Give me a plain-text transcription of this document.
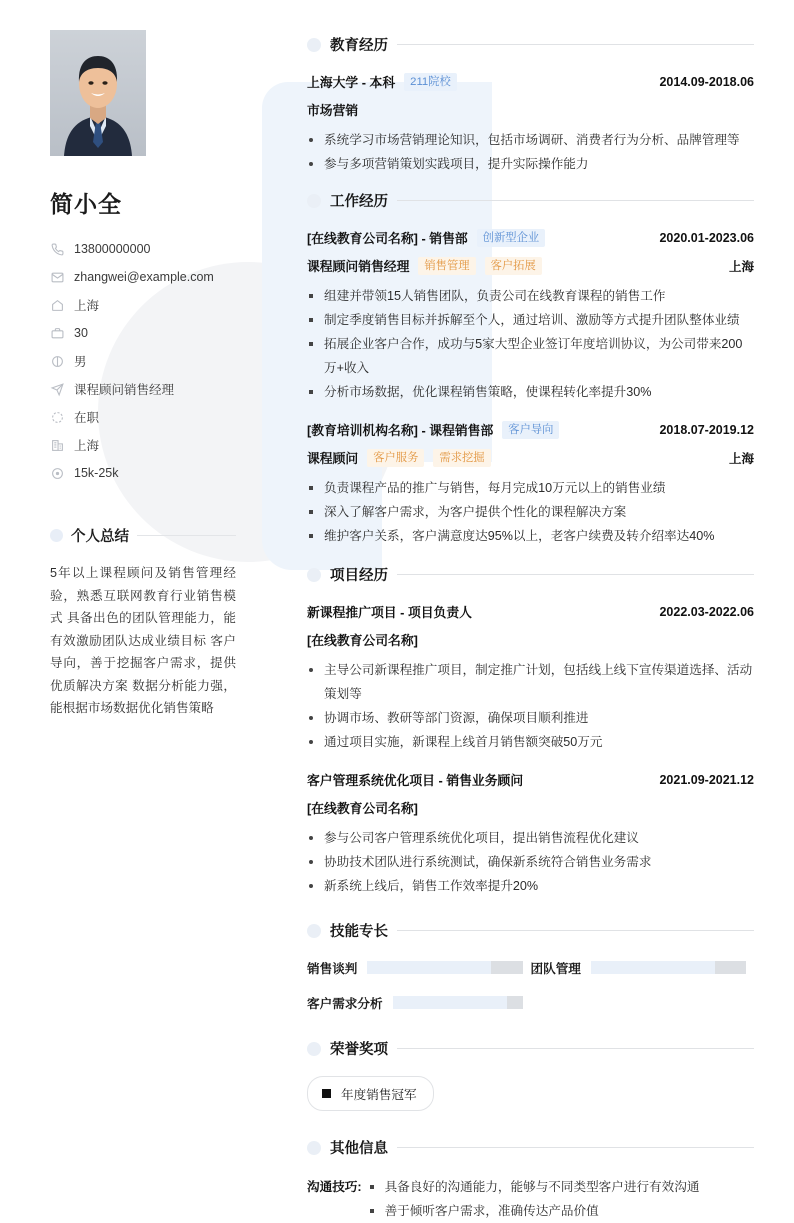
简小全
13800000000
zhangwei@example.com
上海
30
男
课程顾问销售经理
在职
上海
15k-25k
个人总结

5年以上课程顾问及销售管理经验，熟悉互联网教育行业销售模式 具备出色的团队管理能力，能有效激励团队达成业绩目标 客户导向，善于挖掘客户需求，提供优质解决方案 数据分析能力强，能根据市场数据优化销售策略

教育经历
上海大学 - 本科	211院校	2014.09-2018.06
市场营销
系统学习市场营销理论知识，包括市场调研、消费者行为分析、品牌管理等
参与多项营销策划实践项目，提升实际操作能力
工作经历
[在线教育公司名称] - 销售部	创新型企业	2020.01-2023.06
课程顾问销售经理	销售管理	客户拓展	上海
组建并带领15人销售团队，负责公司在线教育课程的销售工作
制定季度销售目标并拆解至个人，通过培训、激励等方式提升团队整体业绩
拓展企业客户合作，成功与5家大型企业签订年度培训协议，为公司带来200万+收入
分析市场数据，优化课程销售策略，使课程转化率提升30%
[教育培训机构名称] - 课程销售部	客户导向	2018.07-2019.12
课程顾问	客户服务	需求挖掘	上海
负责课程产品的推广与销售，每月完成10万元以上的销售业绩
深入了解客户需求，为客户提供个性化的课程解决方案
维护客户关系，客户满意度达95%以上，老客户续费及转介绍率达40%
项目经历
新课程推广项目 - 项目负责人	2022.03-2022.06
[在线教育公司名称]
主导公司新课程推广项目，制定推广计划，包括线上线下宣传渠道选择、活动策划等
协调市场、教研等部门资源，确保项目顺利推进
通过项目实施，新课程上线首月销售额突破50万元
客户管理系统优化项目 - 销售业务顾问	2021.09-2021.12
[在线教育公司名称]
参与公司客户管理系统优化项目，提出销售流程优化建议
协助技术团队进行系统测试，确保新系统符合销售业务需求
新系统上线后，销售工作效率提升20%
技能专长
销售谈判	团队管理
客户需求分析
荣誉奖项
年度销售冠军
其他信息
沟通技巧:	具备良好的沟通能力，能够与不同类型客户进行有效沟通
善于倾听客户需求，准确传达产品价值
